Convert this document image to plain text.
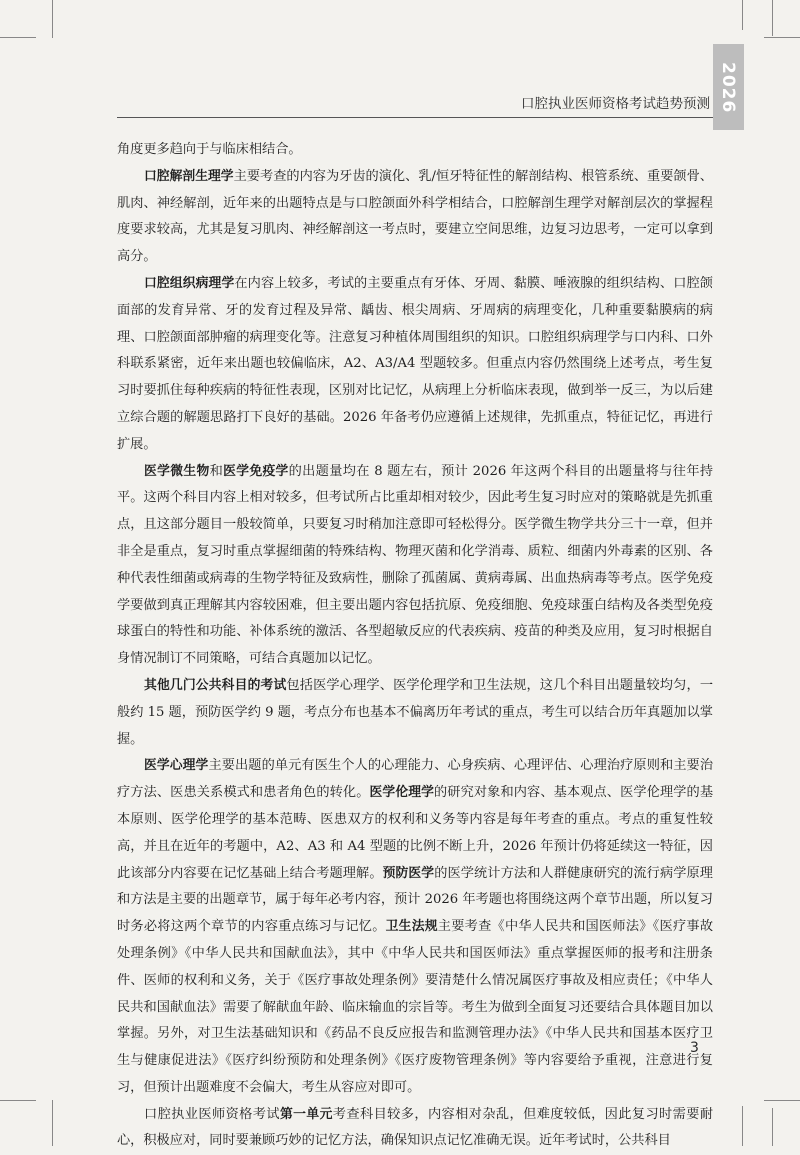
2026
口腔执业医师资格考试趋势预测

角度更多趋向于与临床相结合。

口腔解剖生理学主要考查的内容为牙齿的演化、乳/恒牙特征性的解剖结构、根管系统、重要颌骨、肌肉、神经解剖，近年来的出题特点是与口腔颌面外科学相结合，口腔解剖生理学对解剖层次的掌握程度要求较高，尤其是复习肌肉、神经解剖这一考点时，要建立空间思维，边复习边思考，一定可以拿到高分。

口腔组织病理学在内容上较多，考试的主要重点有牙体、牙周、黏膜、唾液腺的组织结构、口腔颌面部的发育异常、牙的发育过程及异常、龋齿、根尖周病、牙周病的病理变化，几种重要黏膜病的病理、口腔颌面部肿瘤的病理变化等。注意复习种植体周围组织的知识。口腔组织病理学与口内科、口外科联系紧密，近年来出题也较偏临床，A2、A3/A4 型题较多。但重点内容仍然围绕上述考点，考生复习时要抓住每种疾病的特征性表现，区别对比记忆，从病理上分析临床表现，做到举一反三，为以后建立综合题的解题思路打下良好的基础。2026 年备考仍应遵循上述规律，先抓重点，特征记忆，再进行扩展。

医学微生物和医学免疫学的出题量均在 8 题左右，预计 2026 年这两个科目的出题量将与往年持平。这两个科目内容上相对较多，但考试所占比重却相对较少，因此考生复习时应对的策略就是先抓重点，且这部分题目一般较简单，只要复习时稍加注意即可轻松得分。医学微生物学共分三十一章，但并非全是重点，复习时重点掌握细菌的特殊结构、物理灭菌和化学消毒、质粒、细菌内外毒素的区别、各种代表性细菌或病毒的生物学特征及致病性，删除了孤菌属、黄病毒属、出血热病毒等考点。医学免疫学要做到真正理解其内容较困难，但主要出题内容包括抗原、免疫细胞、免疫球蛋白结构及各类型免疫球蛋白的特性和功能、补体系统的激活、各型超敏反应的代表疾病、疫苗的种类及应用，复习时根据自身情况制订不同策略，可结合真题加以记忆。

其他几门公共科目的考试包括医学心理学、医学伦理学和卫生法规，这几个科目出题量较均匀，一般约 15 题，预防医学约 9 题，考点分布也基本不偏离历年考试的重点，考生可以结合历年真题加以掌握。

医学心理学主要出题的单元有医生个人的心理能力、心身疾病、心理评估、心理治疗原则和主要治疗方法、医患关系模式和患者角色的转化。医学伦理学的研究对象和内容、基本观点、医学伦理学的基本原则、医学伦理学的基本范畴、医患双方的权利和义务等内容是每年考查的重点。考点的重复性较高，并且在近年的考题中，A2、A3 和 A4 型题的比例不断上升，2026 年预计仍将延续这一特征，因此该部分内容要在记忆基础上结合考题理解。预防医学的医学统计方法和人群健康研究的流行病学原理和方法是主要的出题章节，属于每年必考内容，预计 2026 年考题也将围绕这两个章节出题，所以复习时务必将这两个章节的内容重点练习与记忆。卫生法规主要考查《中华人民共和国医师法》《医疗事故处理条例》《中华人民共和国献血法》，其中《中华人民共和国医师法》重点掌握医师的报考和注册条件、医师的权利和义务，关于《医疗事故处理条例》要清楚什么情况属医疗事故及相应责任；《中华人民共和国献血法》需要了解献血年龄、临床输血的宗旨等。考生为做到全面复习还要结合具体题目加以掌握。另外，对卫生法基础知识和《药品不良反应报告和监测管理办法》《中华人民共和国基本医疗卫生与健康促进法》《医疗纠纷预防和处理条例》《医疗废物管理条例》等内容要给予重视，注意进行复习，但预计出题难度不会偏大，考生从容应对即可。

口腔执业医师资格考试第一单元考查科目较多，内容相对杂乱，但难度较低，因此复习时需要耐心，积极应对，同时要兼顾巧妙的记忆方法，确保知识点记忆准确无误。近年考试时，公共科目

3
